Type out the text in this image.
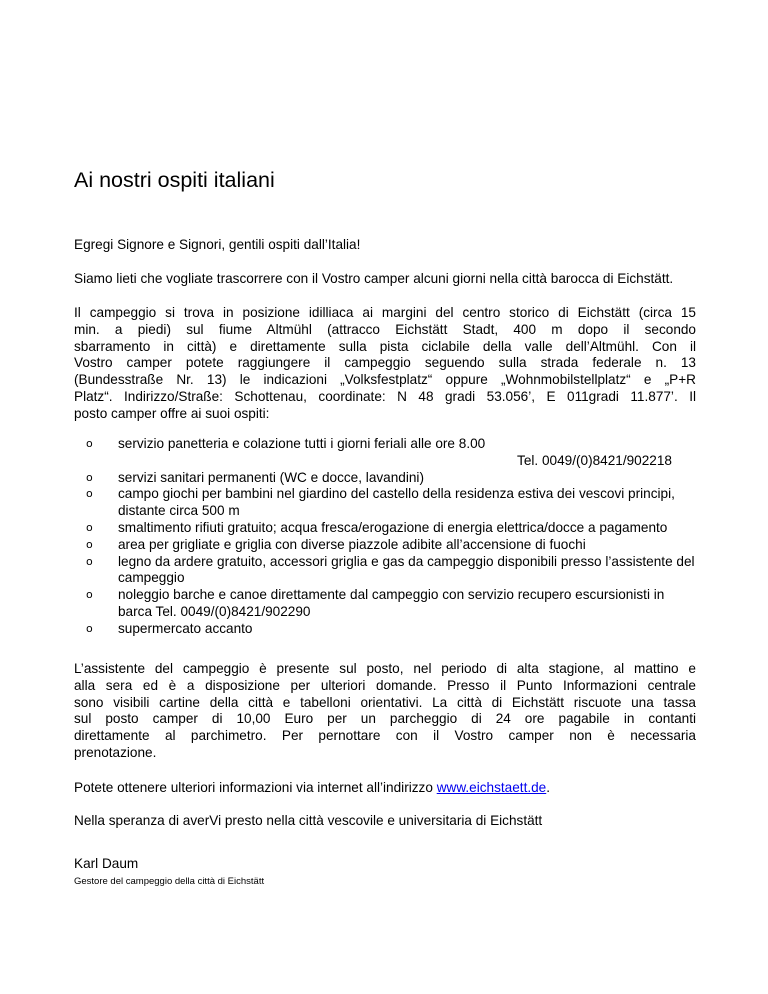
Ai nostri ospiti italiani

Egregi Signore e Signori, gentili ospiti dall’Italia!

Siamo lieti che vogliate trascorrere con il Vostro camper alcuni giorni nella città barocca di Eichstätt.

Il campeggio si trova in posizione idilliaca ai margini del centro storico di Eichstätt (circa 15
min. a piedi) sul fiume Altmühl (attracco Eichstätt Stadt, 400 m dopo il secondo
sbarramento in città) e direttamente sulla pista ciclabile della valle dell’Altmühl. Con il
Vostro camper potete raggiungere il campeggio seguendo sulla strada federale n. 13
(Bundesstraße Nr. 13) le indicazioni „Volksfestplatz“ oppure „Wohnmobilstellplatz“ e „P+R
Platz“. Indirizzo/Straße: Schottenau, coordinate: N 48 gradi 53.056’, E 011gradi 11.877’. Il
posto camper offre ai suoi ospiti:
o servizio panetteria e colazione tutti i giorni feriali alle ore 8.00
Tel. 0049/(0)8421/902218
o servizi sanitari permanenti (WC e docce, lavandini)
o campo giochi per bambini nel giardino del castello della residenza estiva dei vescovi principi, distante circa 500 m
o smaltimento rifiuti gratuito; acqua fresca/erogazione di energia elettrica/docce a pagamento
o area per grigliate e griglia con diverse piazzole adibite all’accensione di fuochi
o legno da ardere gratuito, accessori griglia e gas da campeggio disponibili presso l’assistente del campeggio
o noleggio barche e canoe direttamente dal campeggio con servizio recupero escursionisti in barca Tel. 0049/(0)8421/902290
o supermercato accanto
L’assistente del campeggio è presente sul posto, nel periodo di alta stagione, al mattino e
alla sera ed è a disposizione per ulteriori domande. Presso il Punto Informazioni centrale
sono visibili cartine della città e tabelloni orientativi. La città di Eichstätt riscuote una tassa
sul posto camper di 10,00 Euro per un parcheggio di 24 ore pagabile in contanti
direttamente al parchimetro. Per pernottare con il Vostro camper non è necessaria
prenotazione.

Potete ottenere ulteriori informazioni via internet all’indirizzo www.eichstaett.de.

Nella speranza di averVi presto nella città vescovile e universitaria di Eichstätt

Karl Daum
Gestore del campeggio della città di Eichstätt
